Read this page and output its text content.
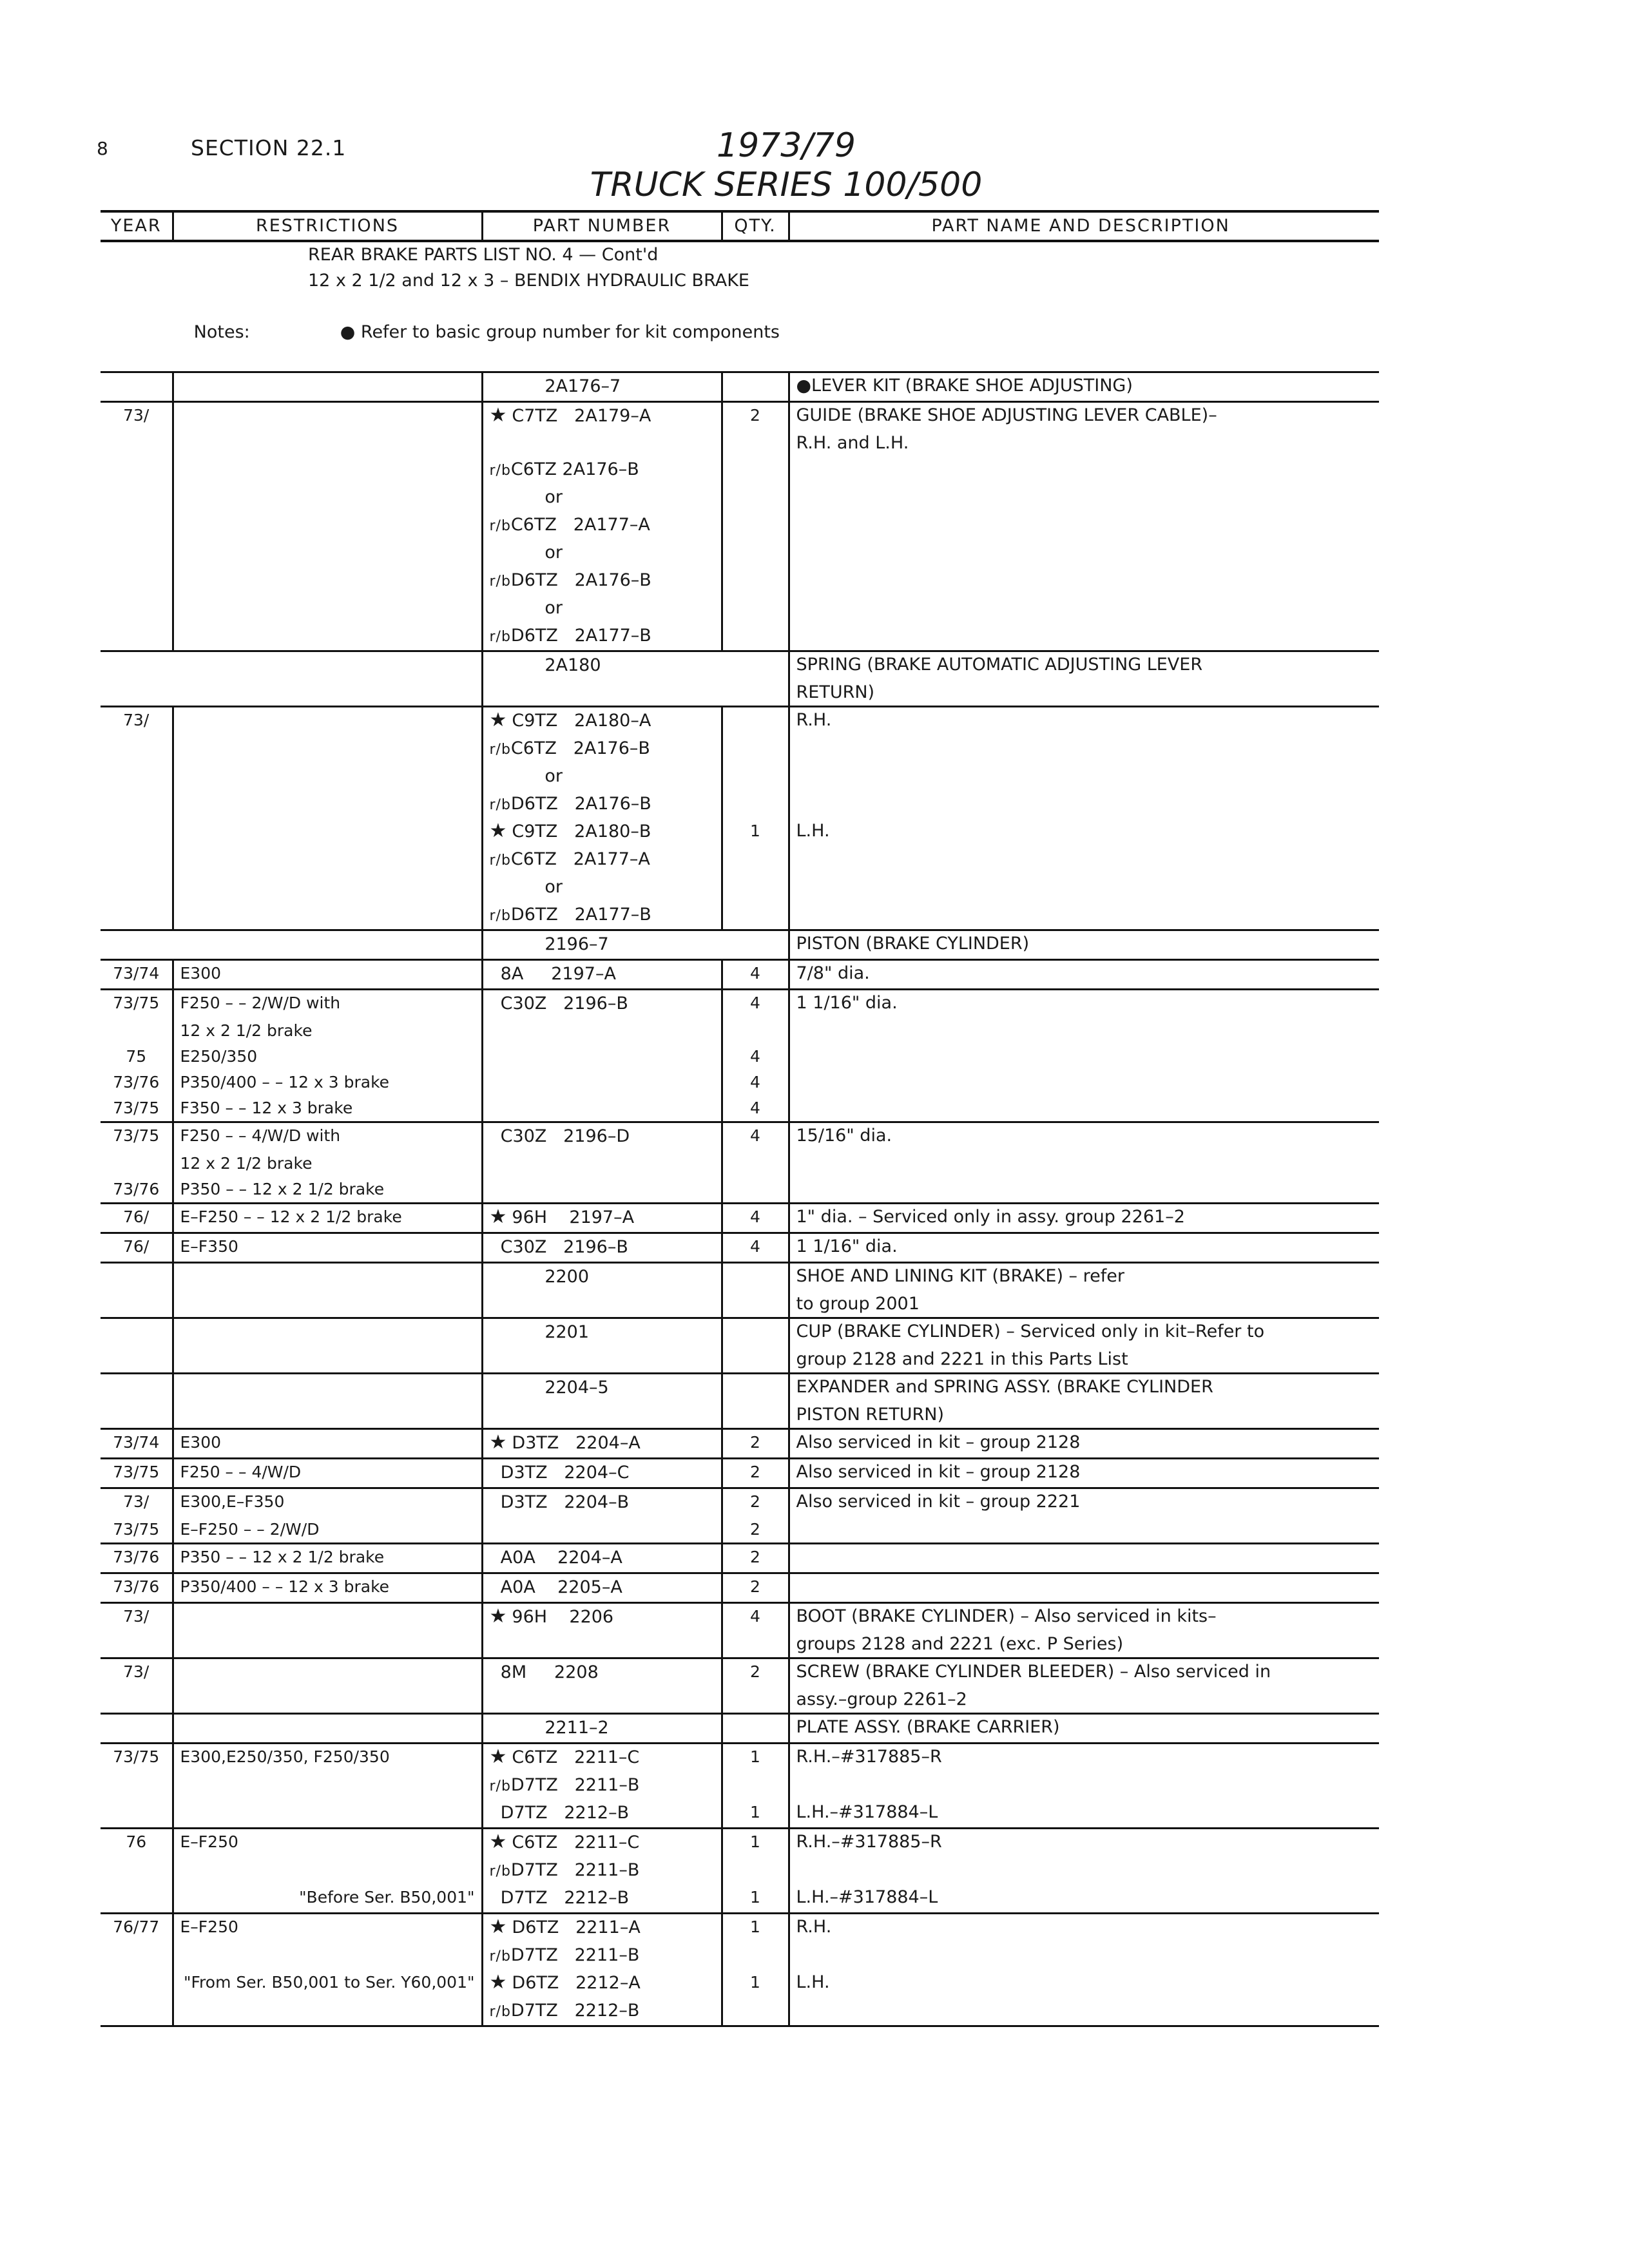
8	SECTION 22.1	1973/79
TRUCK SERIES 100/500
YEAR	RESTRICTIONS	PART NUMBER	QTY.	PART NAME AND DESCRIPTION
	REAR BRAKE PARTS LIST NO. 4 — Cont'd			
	12 x 2 1/2 and 12 x 3 – BENDIX HYDRAULIC BRAKE			

Notes: ● Refer to basic group number for kit components			

		2A176–7		●LEVER KIT (BRAKE SHOE ADJUSTING)
73/		★ C7TZ   2A179–A	2	GUIDE (BRAKE SHOE ADJUSTING LEVER CABLE)–
				R.H. and L.H.
		r/bC6TZ 2A176–B		
		or		
		r/bC6TZ   2A177–A		
		or		
		r/bD6TZ   2A176–B		
		or		
		r/bD6TZ   2A177–B		
		2A180		SPRING (BRAKE AUTOMATIC ADJUSTING LEVER
				RETURN)
73/		★ C9TZ   2A180–A		R.H.
		r/bC6TZ   2A176–B		
		or		
		r/bD6TZ   2A176–B		
		★ C9TZ   2A180–B	1	L.H.
		r/bC6TZ   2A177–A		
		or		
		r/bD6TZ   2A177–B		
		2196–7		PISTON (BRAKE CYLINDER)
73/74	E300	8A     2197–A	4	7/8" dia.
73/75	F250 – – 2/W/D with	C30Z   2196–B	4	1 1/16" dia.
	12 x 2 1/2 brake			
75	E250/350		4	
73/76	P350/400 – – 12 x 3 brake		4	
73/75	F350 – – 12 x 3 brake		4	
73/75	F250 – – 4/W/D with	C30Z   2196–D	4	15/16" dia.
	12 x 2 1/2 brake			
73/76	P350 – – 12 x 2 1/2 brake			
76/	E–F250 – – 12 x 2 1/2 brake	★ 96H    2197–A	4	1" dia. – Serviced only in assy. group 2261–2
76/	E–F350	C30Z   2196–B	4	1 1/16" dia.
		2200		SHOE AND LINING KIT (BRAKE) – refer
				to group 2001
		2201		CUP (BRAKE CYLINDER) – Serviced only in kit–Refer to
				group 2128 and 2221 in this Parts List
		2204–5		EXPANDER and SPRING ASSY. (BRAKE CYLINDER
				PISTON RETURN)
73/74	E300	★ D3TZ   2204–A	2	Also serviced in kit – group 2128
73/75	F250 – – 4/W/D	D3TZ   2204–C	2	Also serviced in kit – group 2128
73/	E300,E–F350	D3TZ   2204–B	2	Also serviced in kit – group 2221
73/75	E–F250 – – 2/W/D		2	
73/76	P350 – – 12 x 2 1/2 brake	A0A    2204–A	2	
73/76	P350/400 – – 12 x 3 brake	A0A    2205–A	2	
73/		★ 96H    2206	4	BOOT (BRAKE CYLINDER) – Also serviced in kits–
				groups 2128 and 2221 (exc. P Series)
73/		8M     2208	2	SCREW (BRAKE CYLINDER BLEEDER) – Also serviced in
				assy.–group 2261–2
		2211–2		PLATE ASSY. (BRAKE CARRIER)
73/75	E300,E250/350, F250/350	★ C6TZ   2211–C	1	R.H.–#317885–R
		r/bD7TZ   2211–B		
		D7TZ   2212–B	1	L.H.–#317884–L
76	E–F250	★ C6TZ   2211–C	1	R.H.–#317885–R
		r/bD7TZ   2211–B		
	"Before Ser. B50,001"	D7TZ   2212–B	1	L.H.–#317884–L
76/77	E–F250	★ D6TZ   2211–A	1	R.H.
		r/bD7TZ   2211–B		
	"From Ser. B50,001 to Ser. Y60,001"	★ D6TZ   2212–A	1	L.H.
		r/bD7TZ   2212–B		
